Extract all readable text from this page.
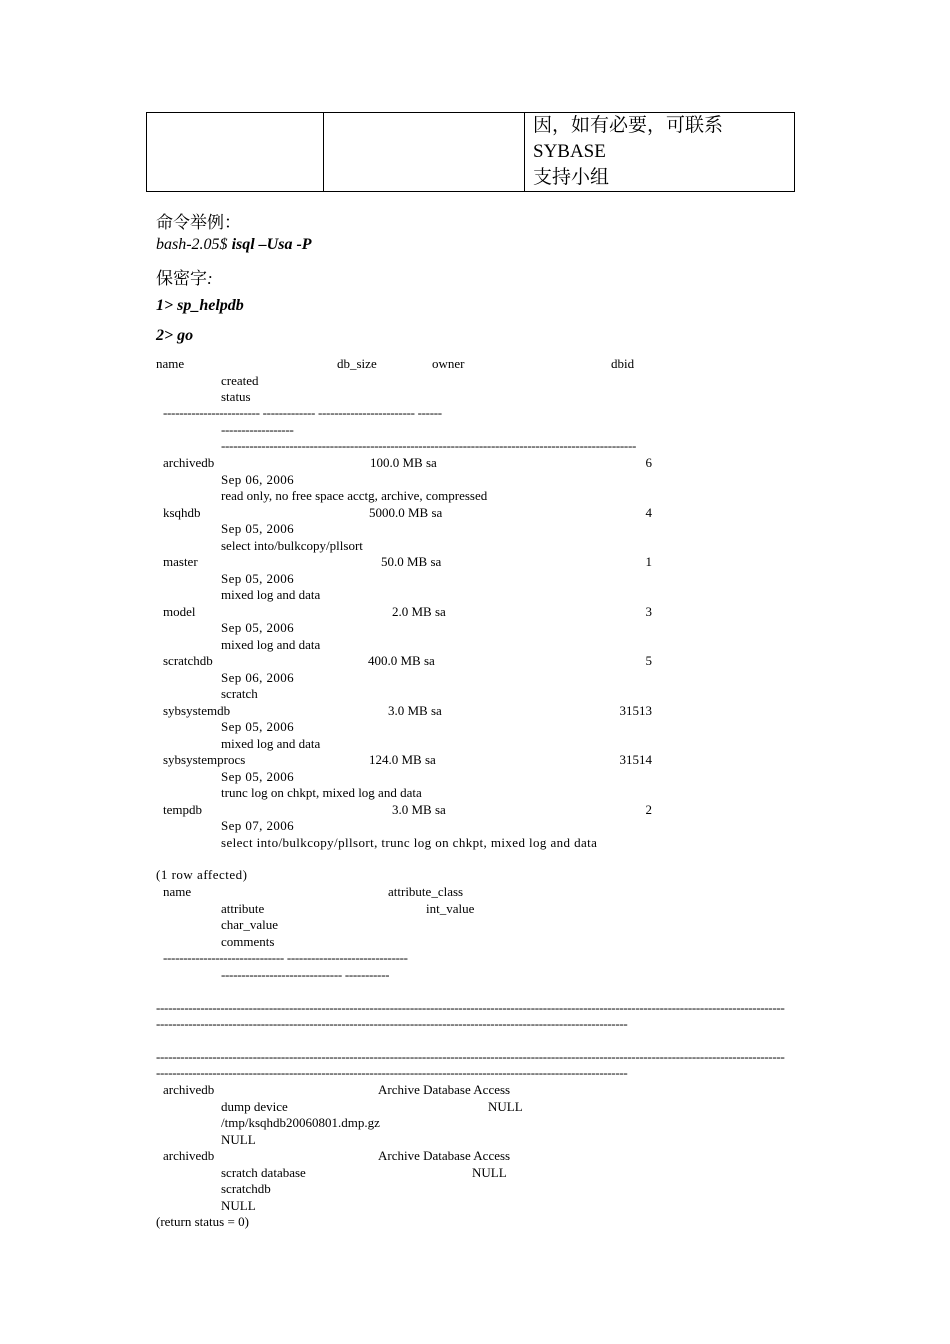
因，如有必要，可联系 SYBASE
支持小组
命令举例：
bash-2.05$ isql –Usa -P
保密字:
1> sp_helpdb
2> go
name	db_size	owner	dbid
created
status
------------------------ ------------- ------------------------ ------
------------------
-------------------------------------------------------------------------------------------------------
archivedb	100.0 MB sa	6
Sep 06, 2006
read only, no free space acctg, archive, compressed
ksqhdb	5000.0 MB sa	4
Sep 05, 2006
select into/bulkcopy/pllsort
master	50.0 MB sa	1
Sep 05, 2006
mixed log and data
model	2.0 MB sa	3
Sep 05, 2006
mixed log and data
scratchdb	400.0 MB sa	5
Sep 06, 2006
scratch
sybsystemdb	3.0 MB sa	31513
Sep 05, 2006
mixed log and data
sybsystemprocs	124.0 MB sa	31514
Sep 05, 2006
trunc log on chkpt, mixed log and data
tempdb	3.0 MB sa	2
Sep 07, 2006
select into/bulkcopy/pllsort, trunc log on chkpt, mixed log and data
(1 row affected)
name	attribute_class
attribute	int_value
char_value
comments
------------------------------ ------------------------------
------------------------------ -----------
------------------------------------------------------------------------------------------------------------------------------------------------------------
---------------------------------------------------------------------------------------------------------------------
------------------------------------------------------------------------------------------------------------------------------------------------------------
---------------------------------------------------------------------------------------------------------------------
archivedb	Archive Database Access
dump device	NULL
/tmp/ksqhdb20060801.dmp.gz
NULL
archivedb	Archive Database Access
scratch database	NULL
scratchdb
NULL
(return status = 0)
